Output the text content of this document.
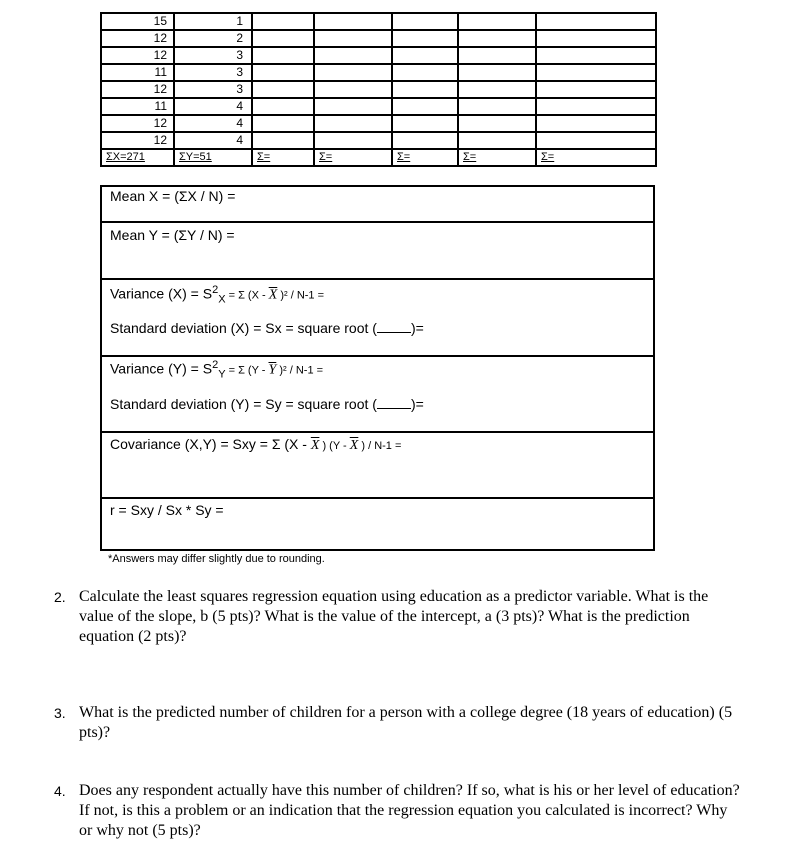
15	1					
12	2					
12	3					
11	3					
12	3					
11	4					
12	4					
12	4					
ΣX=271	ΣY=51	Σ=	Σ=	Σ=	Σ=	Σ=
Mean X = (ΣX / N) =
Mean Y = (ΣY / N) =
Variance $(X) = S^2_X = \Sigma$ ($X - \overline{X}$ )² / N-1 =
Standard deviation (X) = Sx = square root ( )=
Variance $(Y) = S^2_Y = \Sigma$ ($Y - \overline{Y}$ )² / N-1 =
Standard deviation (Y) = Sy = square root ( )=
Covariance (X,Y) = Sxy = Σ ($X - \overline{X}$ ) ($Y - \overline{X}$ ) / N-1 =
r = Sxy / Sx * Sy =
*Answers may differ slightly due to rounding.
2. Calculate the least squares regression equation using education as a predictor variable. What is the value of the slope, b (5 pts)? What is the value of the intercept, a (3 pts)? What is the prediction equation (2 pts)?
3. What is the predicted number of children for a person with a college degree (18 years of education) (5 pts)?
4. Does any respondent actually have this number of children? If so, what is his or her level of education? If not, is this a problem or an indication that the regression equation you calculated is incorrect? Why or why not (5 pts)?
